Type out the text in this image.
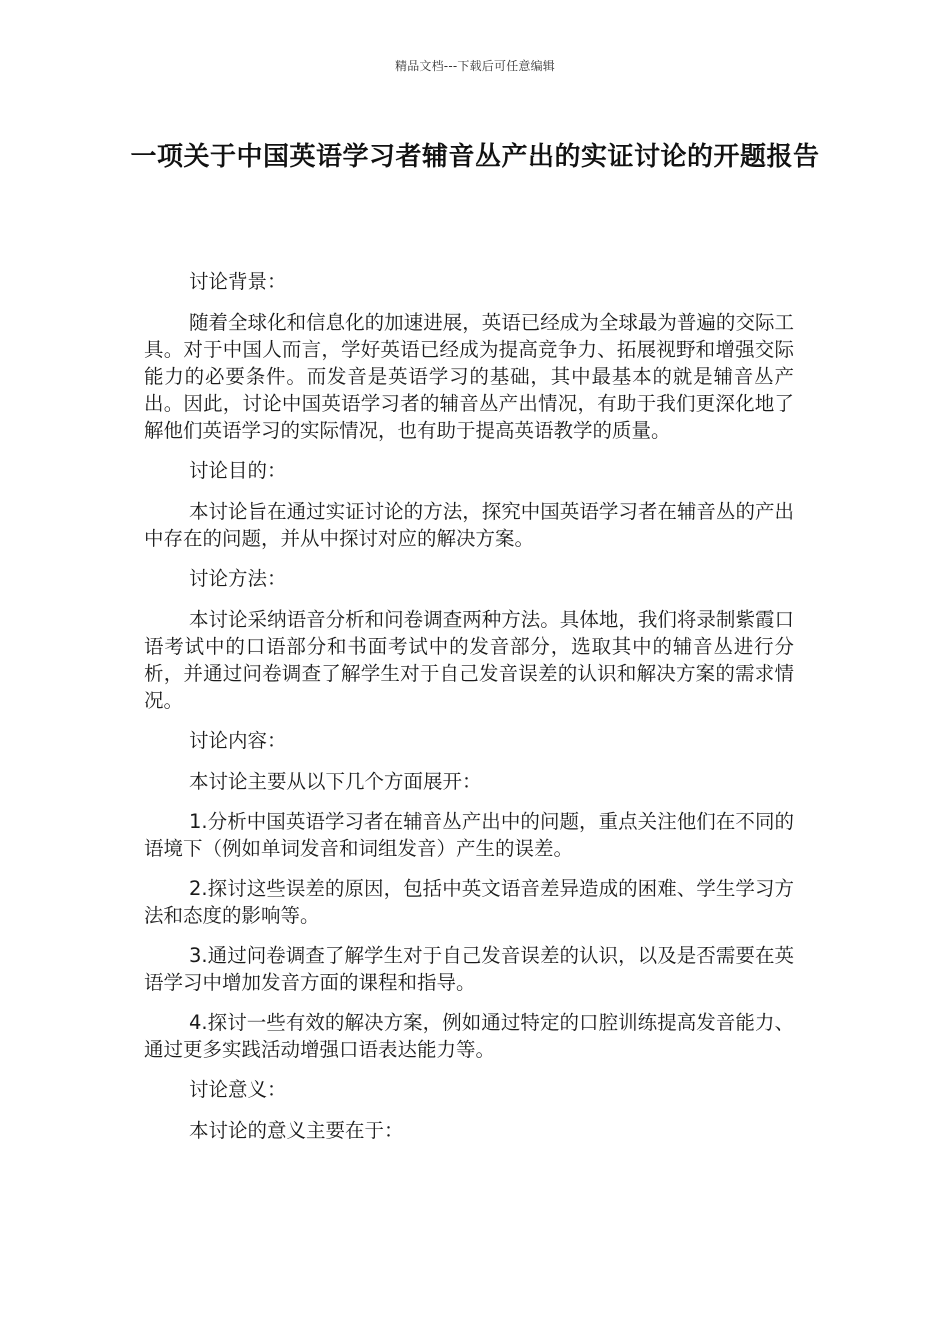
精品文档---下载后可任意编辑
一项关于中国英语学习者辅音丛产出的实证讨论的开题报告

讨论背景：

随着全球化和信息化的加速进展，英语已经成为全球最为普遍的交际工具。对于中国人而言，学好英语已经成为提高竞争力、拓展视野和增强交际能力的必要条件。而发音是英语学习的基础，其中最基本的就是辅音丛产出。因此，讨论中国英语学习者的辅音丛产出情况，有助于我们更深化地了解他们英语学习的实际情况，也有助于提高英语教学的质量。

讨论目的：

本讨论旨在通过实证讨论的方法，探究中国英语学习者在辅音丛的产出中存在的问题，并从中探讨对应的解决方案。

讨论方法：

本讨论采纳语音分析和问卷调查两种方法。具体地，我们将录制紫霞口语考试中的口语部分和书面考试中的发音部分，选取其中的辅音丛进行分析，并通过问卷调查了解学生对于自己发音误差的认识和解决方案的需求情况。

讨论内容：

本讨论主要从以下几个方面展开：

1.分析中国英语学习者在辅音丛产出中的问题，重点关注他们在不同的语境下（例如单词发音和词组发音）产生的误差。

2.探讨这些误差的原因，包括中英文语音差异造成的困难、学生学习方法和态度的影响等。

3.通过问卷调查了解学生对于自己发音误差的认识，以及是否需要在英语学习中增加发音方面的课程和指导。

4.探讨一些有效的解决方案，例如通过特定的口腔训练提高发音能力、通过更多实践活动增强口语表达能力等。

讨论意义：

本讨论的意义主要在于：
